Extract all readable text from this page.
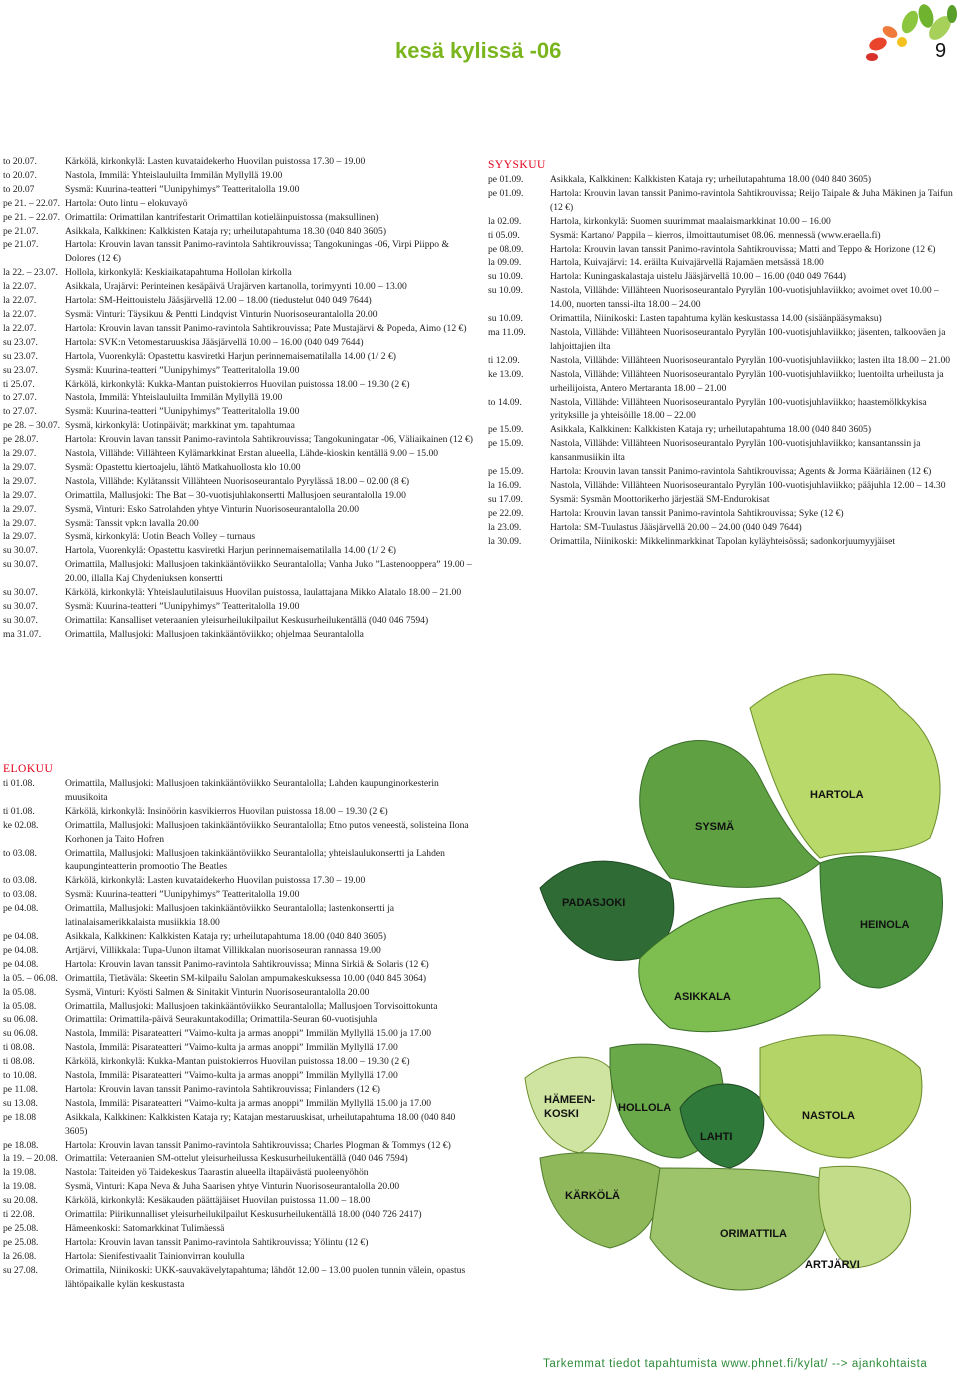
kesä kylissä -06	9
to 20.07.	Kärkölä, kirkonkylä: Lasten kuvataidekerho Huovilan puistossa 17.30 – 19.00
to 20.07.	Nastola, Immilä: Yhteislauluilta Immilän Myllyllä 19.00
to 20.07	Sysmä: Kuurina-teatteri ”Uunipyhimys” Teatteritalolla 19.00
pe 21. – 22.07. Hartola: Outo lintu – elokuvayö
pe 21. – 22.07. Orimattila: Orimattilan kantrifestarit Orimattilan kotieläinpuistossa (maksullinen)
pe 21.07.	Asikkala, Kalkkinen: Kalkkisten Kataja ry; urheilutapahtuma 18.30 (040 840 3605)
pe 21.07.	Hartola: Krouvin lavan tanssit Panimo-ravintola Sahtikrouvissa; Tangokuningas -06, Virpi Piippo & Dolores (12 €)
la 22. – 23.07. Hollola, kirkonkylä: Keskiaikatapahtuma Hollolan kirkolla
la 22.07.	Asikkala, Urajärvi: Perinteinen kesäpäivä Urajärven kartanolla, torimyynti 10.00 – 13.00
la 22.07.	Hartola: SM-Heittouistelu Jääsjärvellä 12.00 – 18.00 (tiedustelut 040 049 7644)
la 22.07.	Sysmä: Vinturi: Täysikuu & Pentti Lindqvist Vinturin Nuorisoseurantalolla 20.00
la 22.07.	Hartola: Krouvin lavan tanssit Panimo-ravintola Sahtikrouvissa; Pate Mustajärvi & Popeda, Aimo (12 €)
su 23.07.	Hartola: SVK:n Vetomestaruuskisa Jääsjärvellä 10.00 – 16.00 (040 049 7644)
su 23.07.	Hartola, Vuorenkylä: Opastettu kasviretki Harjun perinnemaisematilalla 14.00 (1/ 2 €)
su 23.07.	Sysmä: Kuurina-teatteri ”Uunipyhimys” Teatteritalolla 19.00
ti 25.07.	Kärkölä, kirkonkylä: Kukka-Mantan puistokierros Huovilan puistossa 18.00 – 19.30 (2 €)
to 27.07.	Nastola, Immilä: Yhteislauluilta Immilän Myllyllä 19.00
to 27.07.	Sysmä: Kuurina-teatteri ”Uunipyhimys” Teatteritalolla 19.00
pe 28. – 30.07. Sysmä, kirkonkylä: Uotinpäivät; markkinat ym. tapahtumaa
pe 28.07.	Hartola: Krouvin lavan tanssit Panimo-ravintola Sahtikrouvissa; Tangokuningatar -06, Väliaikainen (12 €)
la 29.07.	Nastola, Villähde: Villähteen Kylämarkkinat Erstan alueella, Lähde-kioskin kentällä 9.00 – 15.00
la 29.07.	Sysmä: Opastettu kiertoajelu, lähtö Matkahuollosta klo 10.00
la 29.07.	Nastola, Villähde: Kylätanssit Villähteen Nuorisoseurantalo Pyrylässä 18.00 – 02.00 (8 €)
la 29.07.	Orimattila, Mallusjoki: The Bat – 30-vuotisjuhlakonsertti Mallusjoen seurantalolla 19.00
la 29.07.	Sysmä, Vinturi: Esko Satrolahden yhtye Vinturin Nuorisoseurantalolla 20.00
la 29.07.	Sysmä: Tanssit vpk:n lavalla 20.00
la 29.07.	Sysmä, kirkonkylä: Uotin Beach Volley – turnaus
su 30.07.	Hartola, Vuorenkylä: Opastettu kasviretki Harjun perinnemaisematilalla 14.00 (1/ 2 €)
su 30.07.	Orimattila, Mallusjoki: Mallusjoen takinkääntöviikko Seurantalolla; Vanha Juko ”Lastenooppera” 19.00 – 20.00, illalla Kaj Chydeniuksen konsertti
su 30.07.	Kärkölä, kirkonkylä: Yhteislaulutilaisuus Huovilan puistossa, laulattajana Mikko Alatalo 18.00 – 21.00
su 30.07.	Sysmä: Kuurina-teatteri ”Uunipyhimys” Teatteritalolla 19.00
su 30.07.	Orimattila: Kansalliset veteraanien yleisurheilukilpailut Keskusurheilukentällä (040 046 7594)
ma 31.07.	Orimattila, Mallusjoki: Mallusjoen takinkääntöviikko; ohjelmaa Seurantalolla
SYYSKUU
pe 01.09.	Asikkala, Kalkkinen: Kalkkisten Kataja ry; urheilutapahtuma 18.00 (040 840 3605)
pe 01.09.	Hartola: Krouvin lavan tanssit Panimo-ravintola Sahtikrouvissa; Reijo Taipale & Juha Mäkinen ja Taifun (12 €)
la 02.09.	Hartola, kirkonkylä: Suomen suurimmat maalaismarkkinat 10.00 – 16.00
ti 05.09.	Sysmä: Kartano/ Pappila – kierros, ilmoittautumiset 08.06. mennessä (www.eraella.fi)
pe 08.09.	Hartola: Krouvin lavan tanssit Panimo-ravintola Sahtikrouvissa; Matti and Teppo & Horizone (12 €)
la 09.09.	Hartola, Kuivajärvi: 14. eräilta Kuivajärvellä Rajamäen metsässä 18.00
su 10.09.	Hartola: Kuningaskalastaja uistelu Jääsjärvellä 10.00 – 16.00 (040 049 7644)
su 10.09.	Nastola, Villähde: Villähteen Nuorisoseurantalo Pyrylän 100-vuotisjuhlaviikko; avoimet ovet 10.00 – 14.00, nuorten tanssi-ilta 18.00 – 24.00
su 10.09.	Orimattila, Niinikoski: Lasten tapahtuma kylän keskustassa 14.00 (sisäänpääsymaksu)
ma 11.09.	Nastola, Villähde: Villähteen Nuorisoseurantalo Pyrylän 100-vuotisjuhlaviikko; jäsenten, talkooväen ja lahjoittajien ilta
ti 12.09.	Nastola, Villähde: Villähteen Nuorisoseurantalo Pyrylän 100-vuotisjuhlaviikko; lasten ilta 18.00 – 21.00
ke 13.09.	Nastola, Villähde: Villähteen Nuorisoseurantalo Pyrylän 100-vuotisjuhlaviikko; luentoilta urheilusta ja urheilijoista, Antero Mertaranta 18.00 – 21.00
to 14.09.	Nastola, Villähde: Villähteen Nuorisoseurantalo Pyrylän 100-vuotisjuhlaviikko; haastemölkkykisa yrityksille ja yhteisöille 18.00 – 22.00
pe 15.09.	Asikkala, Kalkkinen: Kalkkisten Kataja ry; urheilutapahtuma 18.00 (040 840 3605)
pe 15.09.	Nastola, Villähde: Villähteen Nuorisoseurantalo Pyrylän 100-vuotisjuhlaviikko; kansantanssin ja kansanmusiikin ilta
pe 15.09.	Hartola: Krouvin lavan tanssit Panimo-ravintola Sahtikrouvissa; Agents & Jorma Kääriäinen (12 €)
la 16.09.	Nastola, Villähde: Villähteen Nuorisoseurantalo Pyrylän 100-vuotisjuhlaviikko; pääjuhla 12.00 – 14.30
su 17.09.	Sysmä: Sysmän Moottorikerho järjestää SM-Endurokisat
pe 22.09.	Hartola: Krouvin lavan tanssit Panimo-ravintola Sahtikrouvissa; Syke (12 €)
la 23.09.	Hartola: SM-Tuulastus Jääsjärvellä 20.00 – 24.00 (040 049 7644)
la 30.09.	Orimattila, Niinikoski: Mikkelinmarkkinat Tapolan kyläyhteisössä; sadonkorjuumyyjäiset
ELOKUU
ti 01.08.	Orimattila, Mallusjoki: Mallusjoen takinkääntöviikko Seurantalolla; Lahden kaupunginorkesterin muusikoita
ti 01.08.	Kärkölä, kirkonkylä: Insinöörin kasvikierros Huovilan puistossa 18.00 – 19.30 (2 €)
ke 02.08.	Orimattila, Mallusjoki: Mallusjoen takinkääntöviikko Seurantalolla; Etno putos veneestä, solisteina Ilona Korhonen ja Taito Hofren
to 03.08.	Orimattila, Mallusjoki: Mallusjoen takinkääntöviikko Seurantalolla; yhteislaulukonsertti ja Lahden kaupunginteatterin promootio The Beatles
to 03.08.	Kärkölä, kirkonkylä: Lasten kuvataidekerho Huovilan puistossa 17.30 – 19.00
to 03.08.	Sysmä: Kuurina-teatteri ”Uunipyhimys” Teatteritalolla 19.00
pe 04.08.	Orimattila, Mallusjoki: Mallusjoen takinkääntöviikko Seurantalolla; lastenkonsertti ja latinalaisamerikkalaista musiikkia 18.00
pe 04.08.	Asikkala, Kalkkinen: Kalkkisten Kataja ry; urheilutapahtuma 18.00 (040 840 3605)
pe 04.08.	Artjärvi, Villikkala: Tupa-Uunon iltamat Villikkalan nuorisoseuran rannassa 19.00
pe 04.08.	Hartola: Krouvin lavan tanssit Panimo-ravintola Sahtikrouvissa; Minna Sirkiä & Solaris (12 €)
la 05. – 06.08. Orimattila, Tietäväla: Skeetin SM-kilpailu Salolan ampumakeskuksessa 10.00 (040 845 3064)
la 05.08.	Sysmä, Vinturi: Kyösti Salmen & Sinitakit Vinturin Nuorisoseurantalolla 20.00
la 05.08.	Orimattila, Mallusjoki: Mallusjoen takinkääntöviikko Seurantalolla; Mallusjoen Torvisoittokunta
su 06.08.	Orimattila: Orimattila-päivä Seurakuntakodilla; Orimattila-Seuran 60-vuotisjuhla
su 06.08.	Nastola, Immilä: Pisarateatteri ”Vaimo-kulta ja armas anoppi” Immilän Myllyllä 15.00 ja 17.00
ti 08.08.	Nastola, Immilä: Pisarateatteri ”Vaimo-kulta ja armas anoppi” Immilän Myllyllä 17.00
ti 08.08.	Kärkölä, kirkonkylä: Kukka-Mantan puistokierros Huovilan puistossa 18.00 – 19.30 (2 €)
to 10.08.	Nastola, Immilä: Pisarateatteri ”Vaimo-kulta ja armas anoppi” Immilän Myllyllä 17.00
pe 11.08.	Hartola: Krouvin lavan tanssit Panimo-ravintola Sahtikrouvissa; Finlanders (12 €)
su 13.08.	Nastola, Immilä: Pisarateatteri ”Vaimo-kulta ja armas anoppi” Immilän Myllyllä 15.00 ja 17.00
pe 18.08	Asikkala, Kalkkinen: Kalkkisten Kataja ry; Katajan mestaruuskisat, urheilutapahtuma 18.00 (040 840 3605)
pe 18.08.	Hartola: Krouvin lavan tanssit Panimo-ravintola Sahtikrouvissa; Charles Plogman & Tommys (12 €)
la 19. – 20.08. Orimattila: Veteraanien SM-ottelut yleisurheilussa Keskusurheilukentällä (040 046 7594)
la 19.08.	Nastola: Taiteiden yö Taidekeskus Taarastin alueella iltapäivästä puoleenyöhön
la 19.08.	Sysmä, Vinturi: Kapa Neva & Juha Saarisen yhtye Vinturin Nuorisoseurantalolla 20.00
su 20.08.	Kärkölä, kirkonkylä: Kesäkauden päättäjäiset Huovilan puistossa 11.00 – 18.00
ti 22.08.	Orimattila: Piirikunnalliset yleisurheilukilpailut Keskusurheilukentällä 18.00 (040 726 2417)
pe 25.08.	Hämeenkoski: Satomarkkinat Tulimäessä
pe 25.08.	Hartola: Krouvin lavan tanssit Panimo-ravintola Sahtikrouvissa; Yölintu (12 €)
la 26.08.	Hartola: Sienifestivaalit Tainionvirran koululla
su 27.08.	Orimattila, Niinikoski: UKK-sauvakävelytapahtuma; lähdöt 12.00 – 13.00 puolen tunnin välein, opastus lähtöpaikalle kylän keskustasta
HARTOLA
SYSMÄ
PADASJOKI
HEINOLA
ASIKKALA
HÄMEEN-
KOSKI	HOLLOLA
NASTOLA
LAHTI
KÄRKÖLÄ
ORIMATTILA
ARTJÄRVI
Tarkemmat tiedot tapahtumista www.phnet.fi/kylat/ --> ajankohtaista
